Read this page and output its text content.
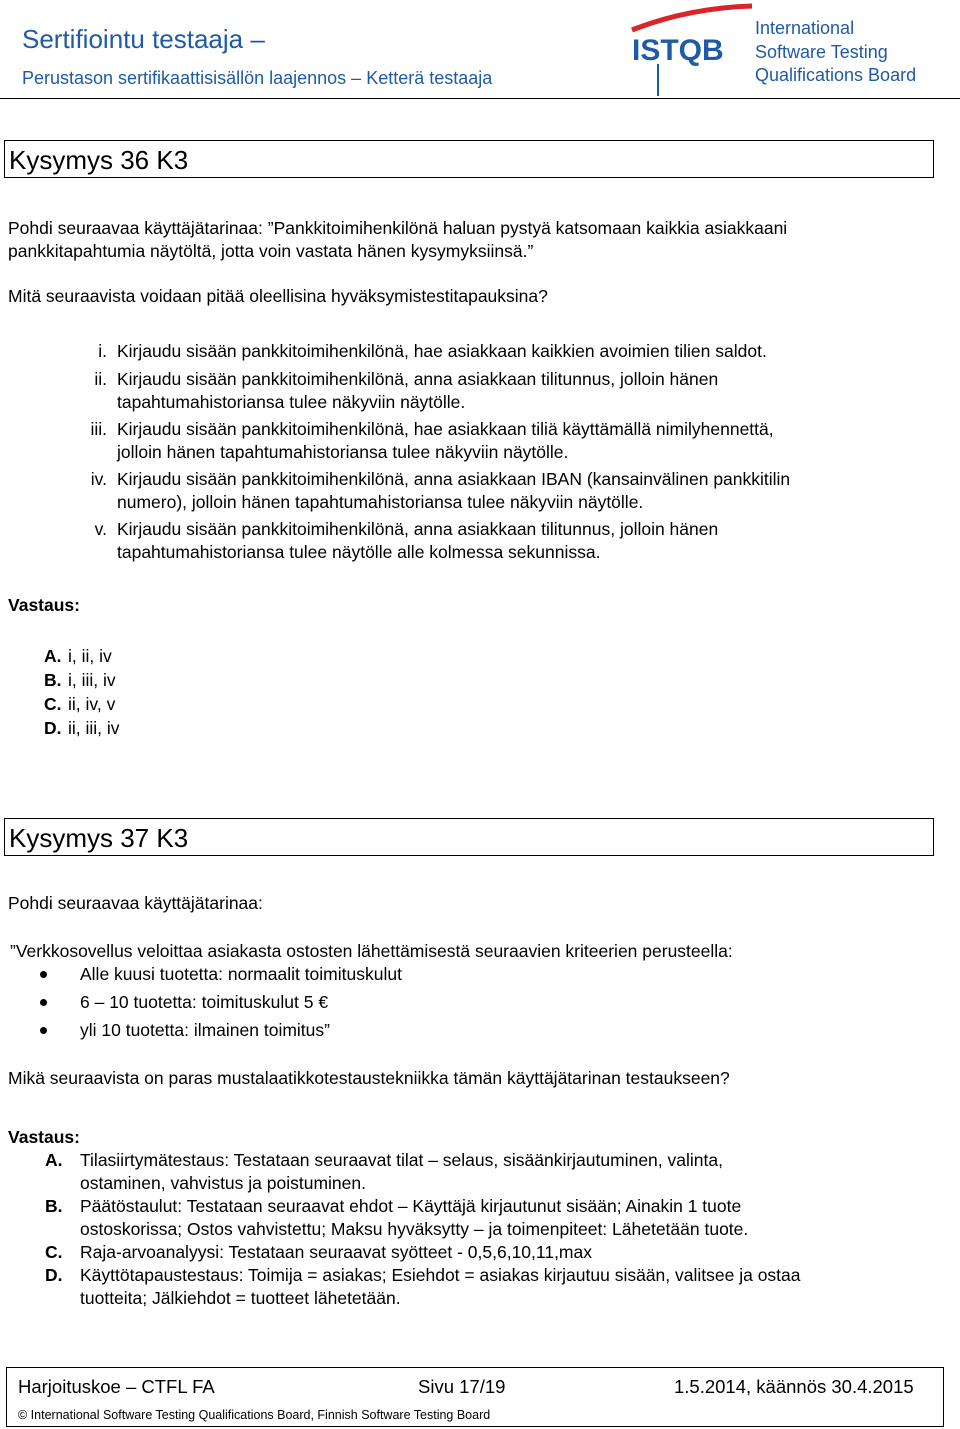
Sertifiointu testaaja –
Perustason sertifikaattisisällön laajennos – Ketterä testaaja
ISTQB
International
Software Testing
Qualifications Board
Kysymys 36 K3
Pohdi seuraavaa käyttäjätarinaa: ”Pankkitoimihenkilönä haluan pystyä katsomaan kaikkia asiakkaani
pankkitapahtumia näytöltä, jotta voin vastata hänen kysymyksiinsä.”
Mitä seuraavista voidaan pitää oleellisina hyväksymistestitapauksina?
i. Kirjaudu sisään pankkitoimihenkilönä, hae asiakkaan kaikkien avoimien tilien saldot.
ii. Kirjaudu sisään pankkitoimihenkilönä, anna asiakkaan tilitunnus, jolloin hänen
tapahtumahistoriansa tulee näkyviin näytölle.
iii. Kirjaudu sisään pankkitoimihenkilönä, hae asiakkaan tiliä käyttämällä nimilyhennettä,
jolloin hänen tapahtumahistoriansa tulee näkyviin näytölle.
iv. Kirjaudu sisään pankkitoimihenkilönä, anna asiakkaan IBAN (kansainvälinen pankkitilin
numero), jolloin hänen tapahtumahistoriansa tulee näkyviin näytölle.
v. Kirjaudu sisään pankkitoimihenkilönä, anna asiakkaan tilitunnus, jolloin hänen
tapahtumahistoriansa tulee näytölle alle kolmessa sekunnissa.
Vastaus:
A. i, ii, iv
B. i, iii, iv
C. ii, iv, v
D. ii, iii, iv
Kysymys 37 K3
Pohdi seuraavaa käyttäjätarinaa:
”Verkkosovellus veloittaa asiakasta ostosten lähettämisestä seuraavien kriteerien perusteella:
Alle kuusi tuotetta: normaalit toimituskulut
6 – 10 tuotetta: toimituskulut 5 €
yli 10 tuotetta: ilmainen toimitus”
Mikä seuraavista on paras mustalaatikkotestaustekniikka tämän käyttäjätarinan testaukseen?
Vastaus:
A. Tilasiirtymätestaus: Testataan seuraavat tilat – selaus, sisäänkirjautuminen, valinta,
ostaminen, vahvistus ja poistuminen.
B. Päätöstaulut: Testataan seuraavat ehdot – Käyttäjä kirjautunut sisään; Ainakin 1 tuote
ostoskorissa; Ostos vahvistettu; Maksu hyväksytty – ja toimenpiteet: Lähetetään tuote.
C. Raja-arvoanalyysi: Testataan seuraavat syötteet - 0,5,6,10,11,max
D. Käyttötapaustestaus: Toimija = asiakas; Esiehdot = asiakas kirjautuu sisään, valitsee ja ostaa
tuotteita; Jälkiehdot = tuotteet lähetetään.
Harjoituskoe – CTFL FA	Sivu 17/19	1.5.2014, käännös 30.4.2015
© International Software Testing Qualifications Board, Finnish Software Testing Board
